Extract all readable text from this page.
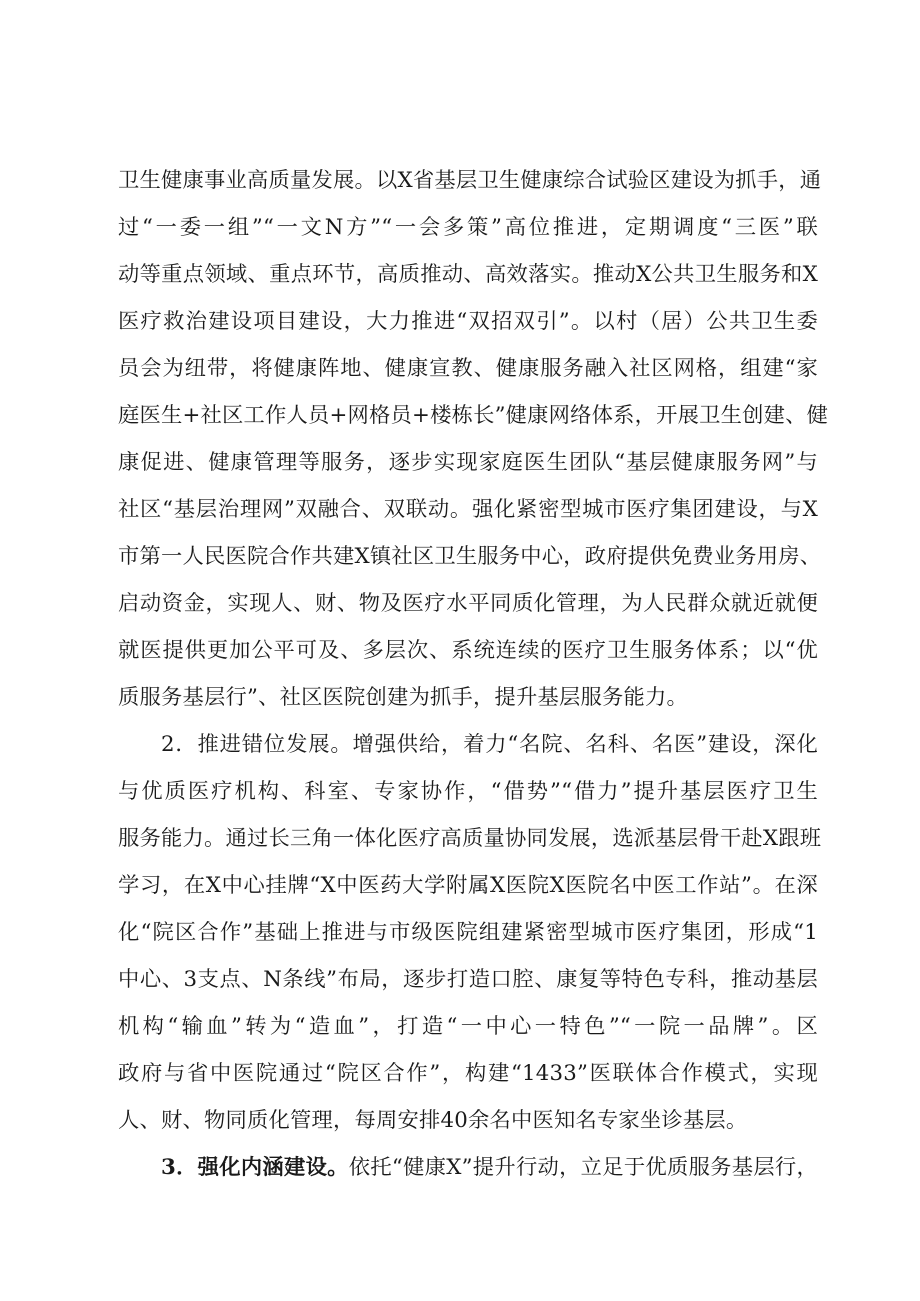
卫生健康事业高质量发展。以X省基层卫生健康综合试验区建设为抓手，通
过“一委一组”“一文N方”“一会多策”高位推进，定期调度“三医”联
动等重点领域、重点环节，高质推动、高效落实。推动X公共卫生服务和X
医疗救治建设项目建设，大力推进“双招双引”。以村（居）公共卫生委
员会为纽带，将健康阵地、健康宣教、健康服务融入社区网格，组建“家
庭医生+社区工作人员+网格员+楼栋长”健康网络体系，开展卫生创建、健
康促进、健康管理等服务，逐步实现家庭医生团队“基层健康服务网”与
社区“基层治理网”双融合、双联动。强化紧密型城市医疗集团建设，与X
市第一人民医院合作共建X镇社区卫生服务中心，政府提供免费业务用房、
启动资金，实现人、财、物及医疗水平同质化管理，为人民群众就近就便
就医提供更加公平可及、多层次、系统连续的医疗卫生服务体系；以“优
质服务基层行”、社区医院创建为抓手，提升基层服务能力。
2．推进错位发展。增强供给，着力“名院、名科、名医”建设，深化
与优质医疗机构、科室、专家协作，“借势”“借力”提升基层医疗卫生
服务能力。通过长三角一体化医疗高质量协同发展，选派基层骨干赴X跟班
学习，在X中心挂牌“X中医药大学附属X医院X医院名中医工作站”。在深
化“院区合作”基础上推进与市级医院组建紧密型城市医疗集团，形成“1
中心、3支点、N条线”布局，逐步打造口腔、康复等特色专科，推动基层
机构“输血”转为“造血”，打造“一中心一特色”“一院一品牌”。区
政府与省中医院通过“院区合作”，构建“1433”医联体合作模式，实现
人、财、物同质化管理，每周安排40余名中医知名专家坐诊基层。
3．强化内涵建设。依托“健康X”提升行动，立足于优质服务基层行，
